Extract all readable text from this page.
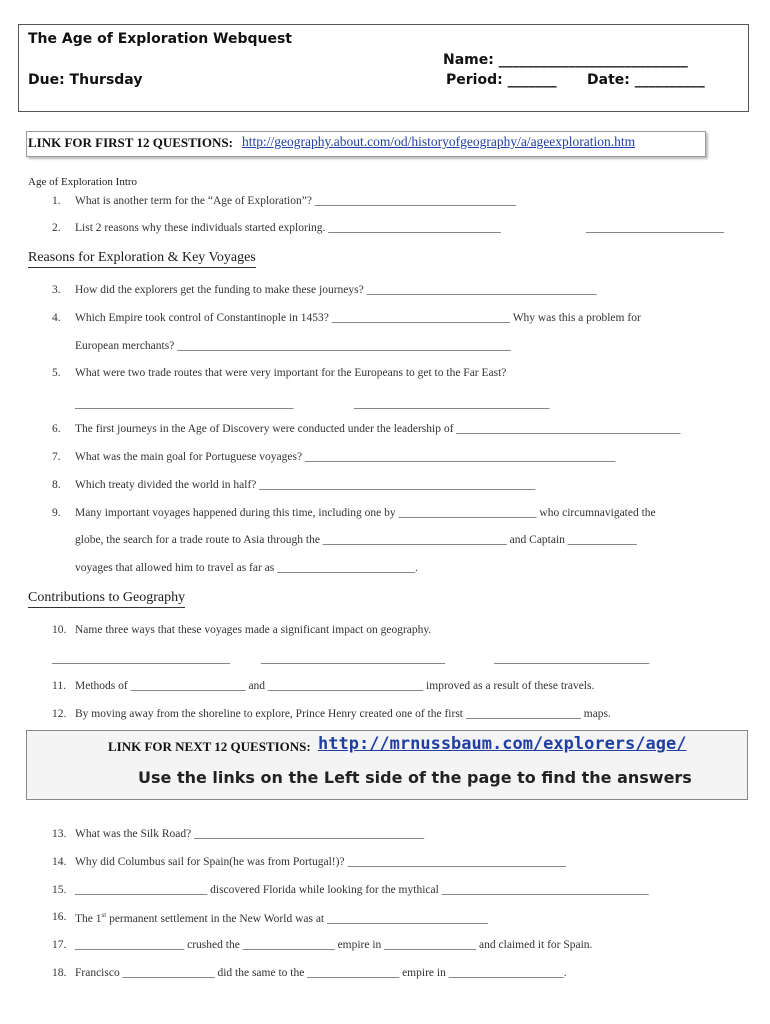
The Age of Exploration Webquest
Due: Thursday
Name: ___________________________
Period: _______ Date: __________
LINK FOR FIRST 12 QUESTIONS: http://geography.about.com/od/historyofgeography/a/ageexploration.htm
Age of Exploration Intro
1. What is another term for the “Age of Exploration”? ___________________________________
2. List 2 reasons why these individuals started exploring. ______________________________	________________________
Reasons for Exploration & Key Voyages
3. How did the explorers get the funding to make these journeys? ________________________________________
4. Which Empire took control of Constantinople in 1453? _______________________________ Why was this a problem for
European merchants? __________________________________________________________
5. What were two trade routes that were very important for the Europeans to get to the Far East?
______________________________________	__________________________________
6. The first journeys in the Age of Discovery were conducted under the leadership of _______________________________________
7. What was the main goal for Portuguese voyages? ______________________________________________________
8. Which treaty divided the world in half? ________________________________________________
9. Many important voyages happened during this time, including one by ________________________ who circumnavigated the
globe, the search for a trade route to Asia through the ________________________________ and Captain ____________
voyages that allowed him to travel as far as ________________________.
Contributions to Geography
10. Name three ways that these voyages made a significant impact on geography.
_______________________________	________________________________	___________________________
11. Methods of ____________________ and ___________________________ improved as a result of these travels.
12. By moving away from the shoreline to explore, Prince Henry created one of the first ____________________ maps.
LINK FOR NEXT 12 QUESTIONS: http://mrnussbaum.com/explorers/age/
Use the links on the Left side of the page to find the answers
13. What was the Silk Road? ________________________________________
14. Why did Columbus sail for Spain(he was from Portugal!)? ______________________________________
15. _______________________ discovered Florida while looking for the mythical ____________________________________
16. The 1st permanent settlement in the New World was at ____________________________
17. ___________________ crushed the ________________ empire in ________________ and claimed it for Spain.
18. Francisco ________________ did the same to the ________________ empire in ____________________.
